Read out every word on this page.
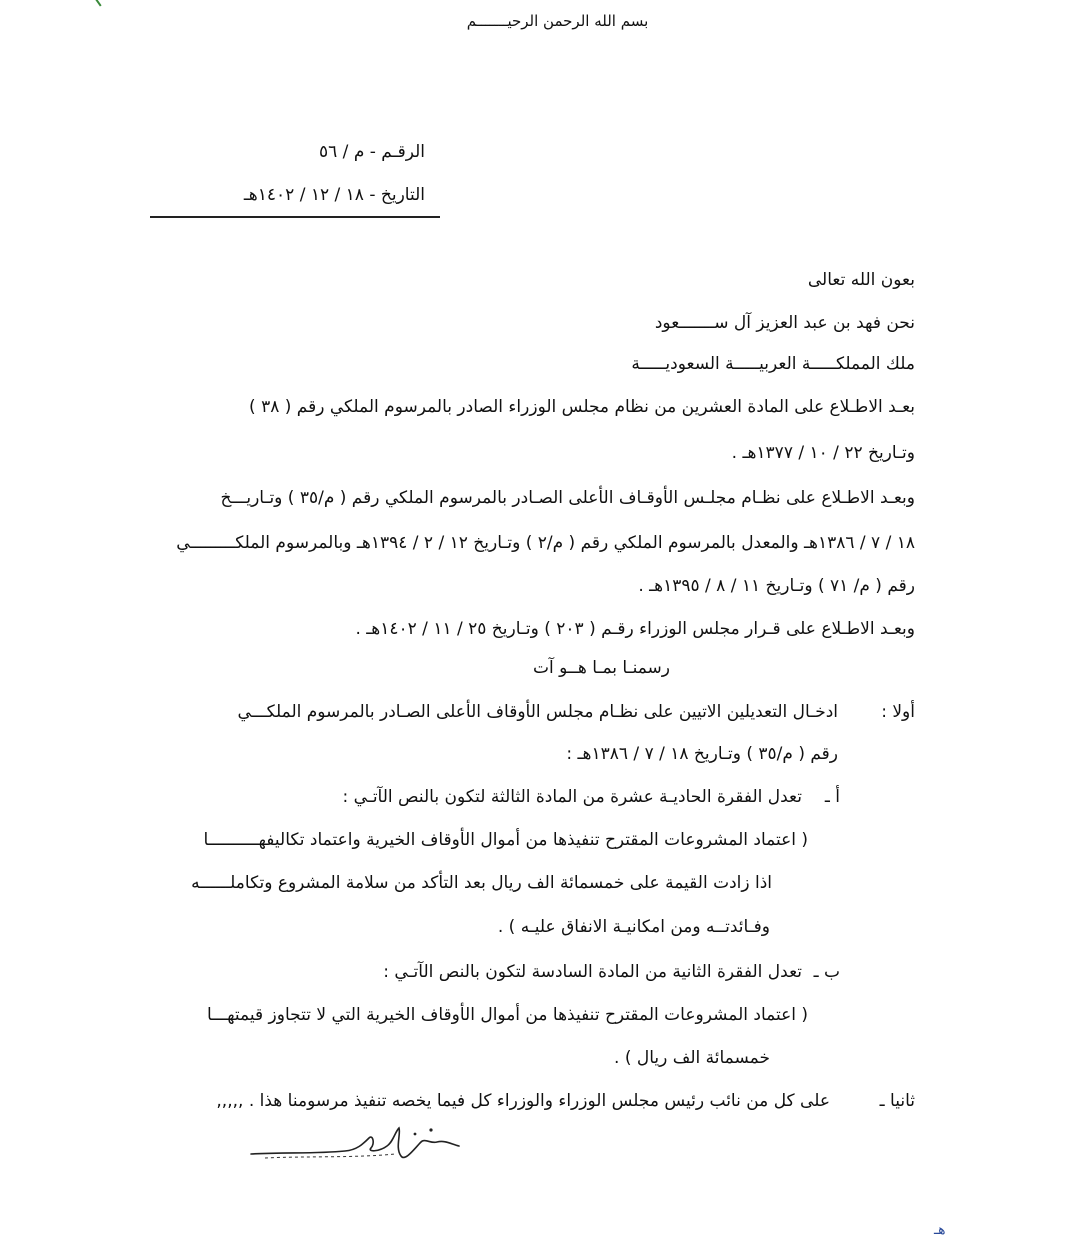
بسم الله الرحمن الرحيـــــــم
الرقـم - م / ٥٦
التاريخ - ١٨ / ١٢ / ١٤٠٢هـ
بعون الله تعالى
نحن فهد بن عبد العزيز آل ســـــــعود
ملك المملكـــــة العربيـــــة السعوديـــــة
بعـد الاطـلاع على المادة العشرين من نظام مجلس الوزراء الصادر بالمرسوم الملكي رقم ( ٣٨ )
وتـاريخ ٢٢ / ١٠ / ١٣٧٧هـ .
وبعـد الاطـلاع على نظـام مجلـس الأوقـاف الأعلى الصـادر بالمرسوم الملكي رقم ( م/٣٥ ) وتـاريـــخ
١٨ / ٧ / ١٣٨٦هـ والمعدل بالمرسوم الملكي رقم ( م/٢ ) وتـاريخ ١٢ / ٢ / ١٣٩٤هـ وبالمرسوم الملكـــــــــي
رقم ( م/ ٧١ ) وتـاريخ ١١ / ٨ / ١٣٩٥هـ .
وبعـد الاطـلاع على قـرار مجلس الوزراء رقـم ( ٢٠٣ ) وتـاريخ ٢٥ / ١١ / ١٤٠٢هـ .
رسمنـا بمـا هــو آت
أولا :
ادخـال التعديلين الاتيين على نظـام مجلس الأوقاف الأعلى الصـادر بالمرسوم الملكـــي
رقم ( م/٣٥ ) وتـاريخ ١٨ / ٧ / ١٣٨٦هـ :
أ ـ
تعدل الفقرة الحاديـة عشرة من المادة الثالثة لتكون بالنص الآتـي :
( اعتماد المشروعات المقترح تنفيذها من أموال الأوقاف الخيرية واعتماد تكاليفهــــــــــا
اذا زادت القيمة على خمسمائة الف ريال بعد التأكد من سلامة المشروع وتكاملــــــه
وفـائدتــه ومن امكانيـة الانفاق عليـه ) .
ب ـ
تعدل الفقرة الثانية من المادة السادسة لتكون بالنص الآتـي :
( اعتماد المشروعات المقترح تنفيذها من أموال الأوقاف الخيرية التي لا تتجاوز قيمتهـــا
خمسمائة الف ريال ) .
ثانيا ـ
على كل من نائب رئيس مجلس الوزراء والوزراء كل فيما يخصه تنفيذ مرسومنا هذا . ,,,,,
هـ
